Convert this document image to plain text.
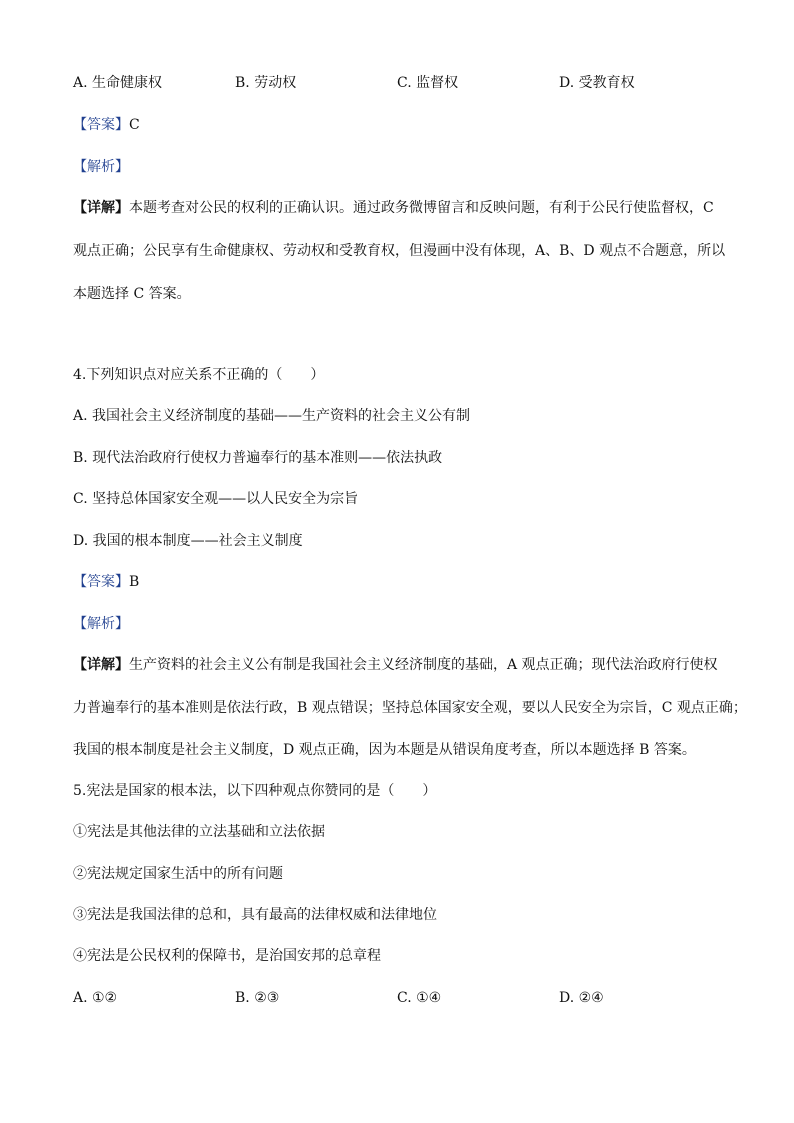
A. 生命健康权	B. 劳动权	C. 监督权	D. 受教育权
【答案】C
【解析】
【详解】本题考查对公民的权利的正确认识。通过政务微博留言和反映问题，有利于公民行使监督权，C
观点正确；公民享有生命健康权、劳动权和受教育权，但漫画中没有体现，A、B、D 观点不合题意，所以
本题选择 C 答案。
4.下列知识点对应关系不正确的（　　）
A. 我国社会主义经济制度的基础——生产资料的社会主义公有制
B. 现代法治政府行使权力普遍奉行的基本准则——依法执政
C. 坚持总体国家安全观——以人民安全为宗旨
D. 我国的根本制度——社会主义制度
【答案】B
【解析】
【详解】生产资料的社会主义公有制是我国社会主义经济制度的基础，A 观点正确；现代法治政府行使权
力普遍奉行的基本准则是依法行政，B 观点错误；坚持总体国家安全观，要以人民安全为宗旨，C 观点正确；
我国的根本制度是社会主义制度，D 观点正确，因为本题是从错误角度考查，所以本题选择 B 答案。
5.宪法是国家的根本法，以下四种观点你赞同的是（　　）
①宪法是其他法律的立法基础和立法依据
②宪法规定国家生活中的所有问题
③宪法是我国法律的总和，具有最高的法律权威和法律地位
④宪法是公民权利的保障书，是治国安邦的总章程
A. ①②	B. ②③	C. ①④	D. ②④
